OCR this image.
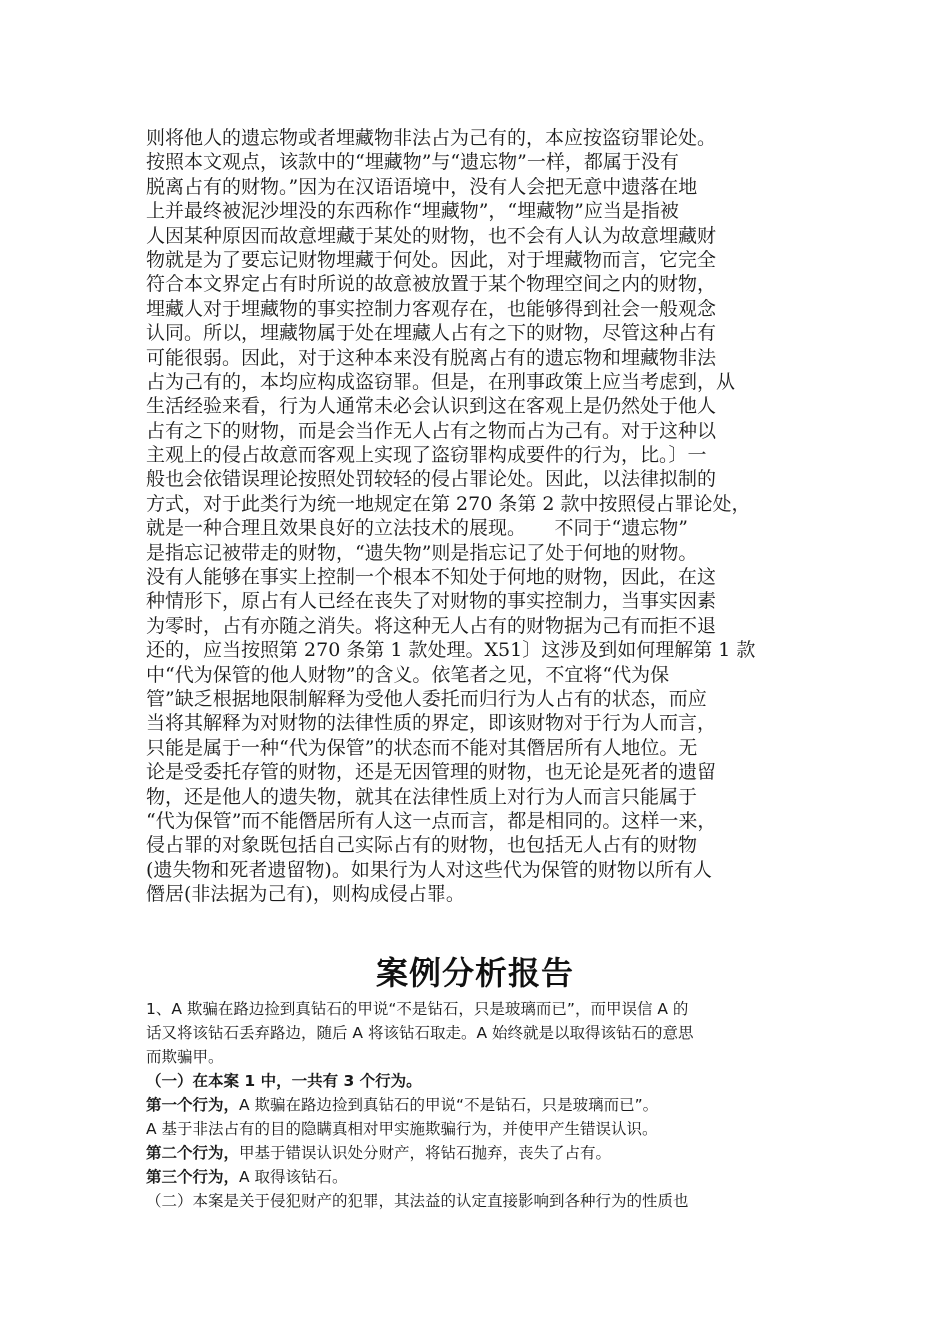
则将他人的遗忘物或者埋藏物非法占为己有的，本应按盗窃罪论处。
按照本文观点，该款中的“埋藏物”与“遗忘物”一样，都属于没有
脱离占有的财物。”因为在汉语语境中，没有人会把无意中遗落在地
上并最终被泥沙埋没的东西称作“埋藏物”，“埋藏物”应当是指被
人因某种原因而故意埋藏于某处的财物，也不会有人认为故意埋藏财
物就是为了要忘记财物埋藏于何处。因此，对于埋藏物而言，它完全
符合本文界定占有时所说的故意被放置于某个物理空间之内的财物，
埋藏人对于埋藏物的事实控制力客观存在，也能够得到社会一般观念
认同。所以，埋藏物属于处在埋藏人占有之下的财物，尽管这种占有
可能很弱。因此，对于这种本来没有脱离占有的遗忘物和埋藏物非法
占为己有的，本均应构成盗窃罪。但是，在刑事政策上应当考虑到，从
生活经验来看，行为人通常未必会认识到这在客观上是仍然处于他人
占有之下的财物，而是会当作无人占有之物而占为己有。对于这种以
主观上的侵占故意而客观上实现了盗窃罪构成要件的行为，比。〕一
般也会依错误理论按照处罚较轻的侵占罪论处。因此，以法律拟制的
方式，对于此类行为统一地规定在第 270 条第 2 款中按照侵占罪论处，
就是一种合理且效果良好的立法技术的展现。　　不同于“遗忘物”
是指忘记被带走的财物，“遗失物”则是指忘记了处于何地的财物。
没有人能够在事实上控制一个根本不知处于何地的财物，因此，在这
种情形下，原占有人已经在丧失了对财物的事实控制力，当事实因素
为零时，占有亦随之消失。将这种无人占有的财物据为己有而拒不退
还的，应当按照第 270 条第 1 款处理。X51〕这涉及到如何理解第 1 款
中“代为保管的他人财物”的含义。依笔者之见，不宜将“代为保
管”缺乏根据地限制解释为受他人委托而归行为人占有的状态，而应
当将其解释为对财物的法律性质的界定，即该财物对于行为人而言，
只能是属于一种“代为保管”的状态而不能对其僭居所有人地位。无
论是受委托存管的财物，还是无因管理的财物，也无论是死者的遗留
物，还是他人的遗失物，就其在法律性质上对行为人而言只能属于
“代为保管”而不能僭居所有人这一点而言，都是相同的。这样一来，
侵占罪的对象既包括自己实际占有的财物，也包括无人占有的财物
(遗失物和死者遗留物)。如果行为人对这些代为保管的财物以所有人
僭居(非法据为己有)，则构成侵占罪。
案例分析报告
1、A 欺骗在路边捡到真钻石的甲说“不是钻石，只是玻璃而已”，而甲误信 A 的
话又将该钻石丢弃路边，随后 A 将该钻石取走。A 始终就是以取得该钻石的意思
而欺骗甲。
（一）在本案 1 中，一共有 3 个行为。
第一个行为，A 欺骗在路边捡到真钻石的甲说“不是钻石，只是玻璃而已”。
A 基于非法占有的目的隐瞒真相对甲实施欺骗行为，并使甲产生错误认识。
第二个行为，甲基于错误认识处分财产，将钻石抛弃，丧失了占有。
第三个行为，A 取得该钻石。
（二）本案是关于侵犯财产的犯罪，其法益的认定直接影响到各种行为的性质也
